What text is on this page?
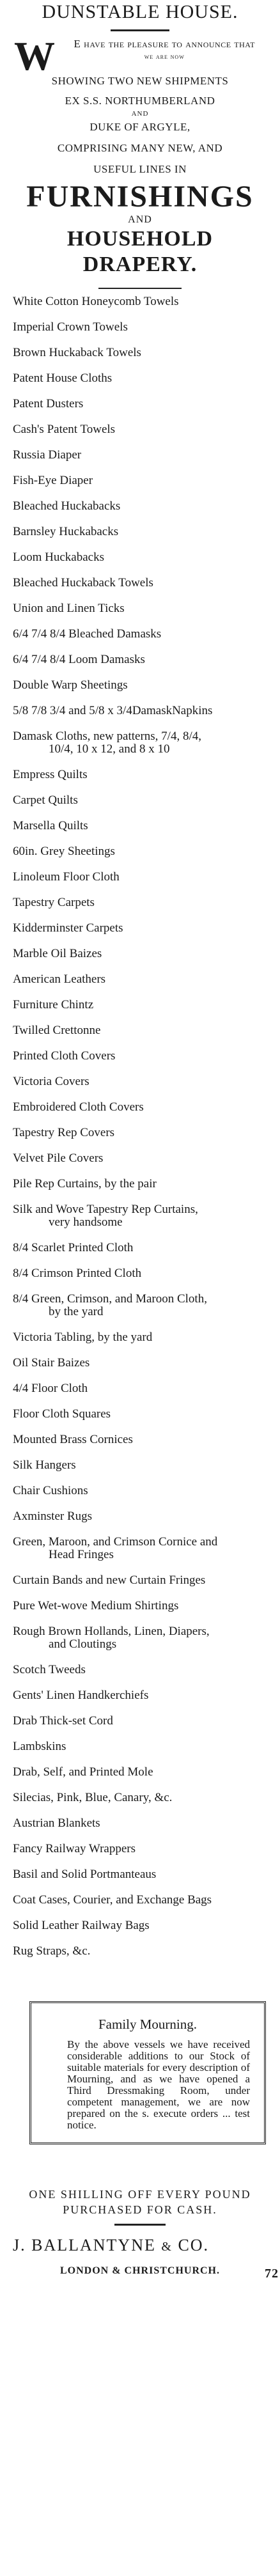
DUNSTABLE HOUSE.
W	E have the pleasure to announce that
we are now
SHOWING TWO NEW SHIPMENTS
EX S.S. NORTHUMBERLAND
AND
DUKE OF ARGYLE,
COMPRISING MANY NEW, AND
USEFUL LINES IN
FURNISHINGS
AND
HOUSEHOLD DRAPERY.
White Cotton Honeycomb Towels
Imperial Crown Towels
Brown Huckaback Towels
Patent House Cloths
Patent Dusters
Cash's Patent Towels
Russia Diaper
Fish-Eye Diaper
Bleached Huckabacks
Barnsley Huckabacks
Loom Huckabacks
Bleached Huckaback Towels
Union and Linen Ticks
6/4 7/4 8/4 Bleached Damasks
6/4 7/4 8/4 Loom Damasks
Double Warp Sheetings
5/8 7/8 3/4 and 5/8 x 3/4DamaskNapkins
Damask Cloths, new patterns, 7/4, 8/4,
10/4, 10 x 12, and 8 x 10
Empress Quilts
Carpet Quilts
Marsella Quilts
60in. Grey Sheetings
Linoleum Floor Cloth
Tapestry Carpets
Kidderminster Carpets
Marble Oil Baizes
American Leathers
Furniture Chintz
Twilled Crettonne
Printed Cloth Covers
Victoria Covers
Embroidered Cloth Covers
Tapestry Rep Covers
Velvet Pile Covers
Pile Rep Curtains, by the pair
Silk and Wove Tapestry Rep Curtains,
very handsome
8/4 Scarlet Printed Cloth
8/4 Crimson Printed Cloth
8/4 Green, Crimson, and Maroon Cloth,
by the yard
Victoria Tabling, by the yard
Oil Stair Baizes
4/4 Floor Cloth
Floor Cloth Squares
Mounted Brass Cornices
Silk Hangers
Chair Cushions
Axminster Rugs
Green, Maroon, and Crimson Cornice and
Head Fringes
Curtain Bands and new Curtain Fringes
Pure Wet-wove Medium Shirtings
Rough Brown Hollands, Linen, Diapers,
and Cloutings
Scotch Tweeds
Gents' Linen Handkerchiefs
Drab Thick-set Cord
Lambskins
Drab, Self, and Printed Mole
Silecias, Pink, Blue, Canary, &c.
Austrian Blankets
Fancy Railway Wrappers
Basil and Solid Portmanteaus
Coat Cases, Courier, and Exchange Bags
Solid Leather Railway Bags
Rug Straps, &c.
Family Mourning.
By the above vessels we have received considerable additions to our Stock of suitable materials for every description of Mourning, and as we have opened a Third Dressmaking Room, under competent management, we are now prepared on the s. execute orders ... test notice.
ONE SHILLING OFF EVERY POUND
PURCHASED FOR CASH.
J. BALLANTYNE & CO.
LONDON & CHRISTCHURCH.	72
